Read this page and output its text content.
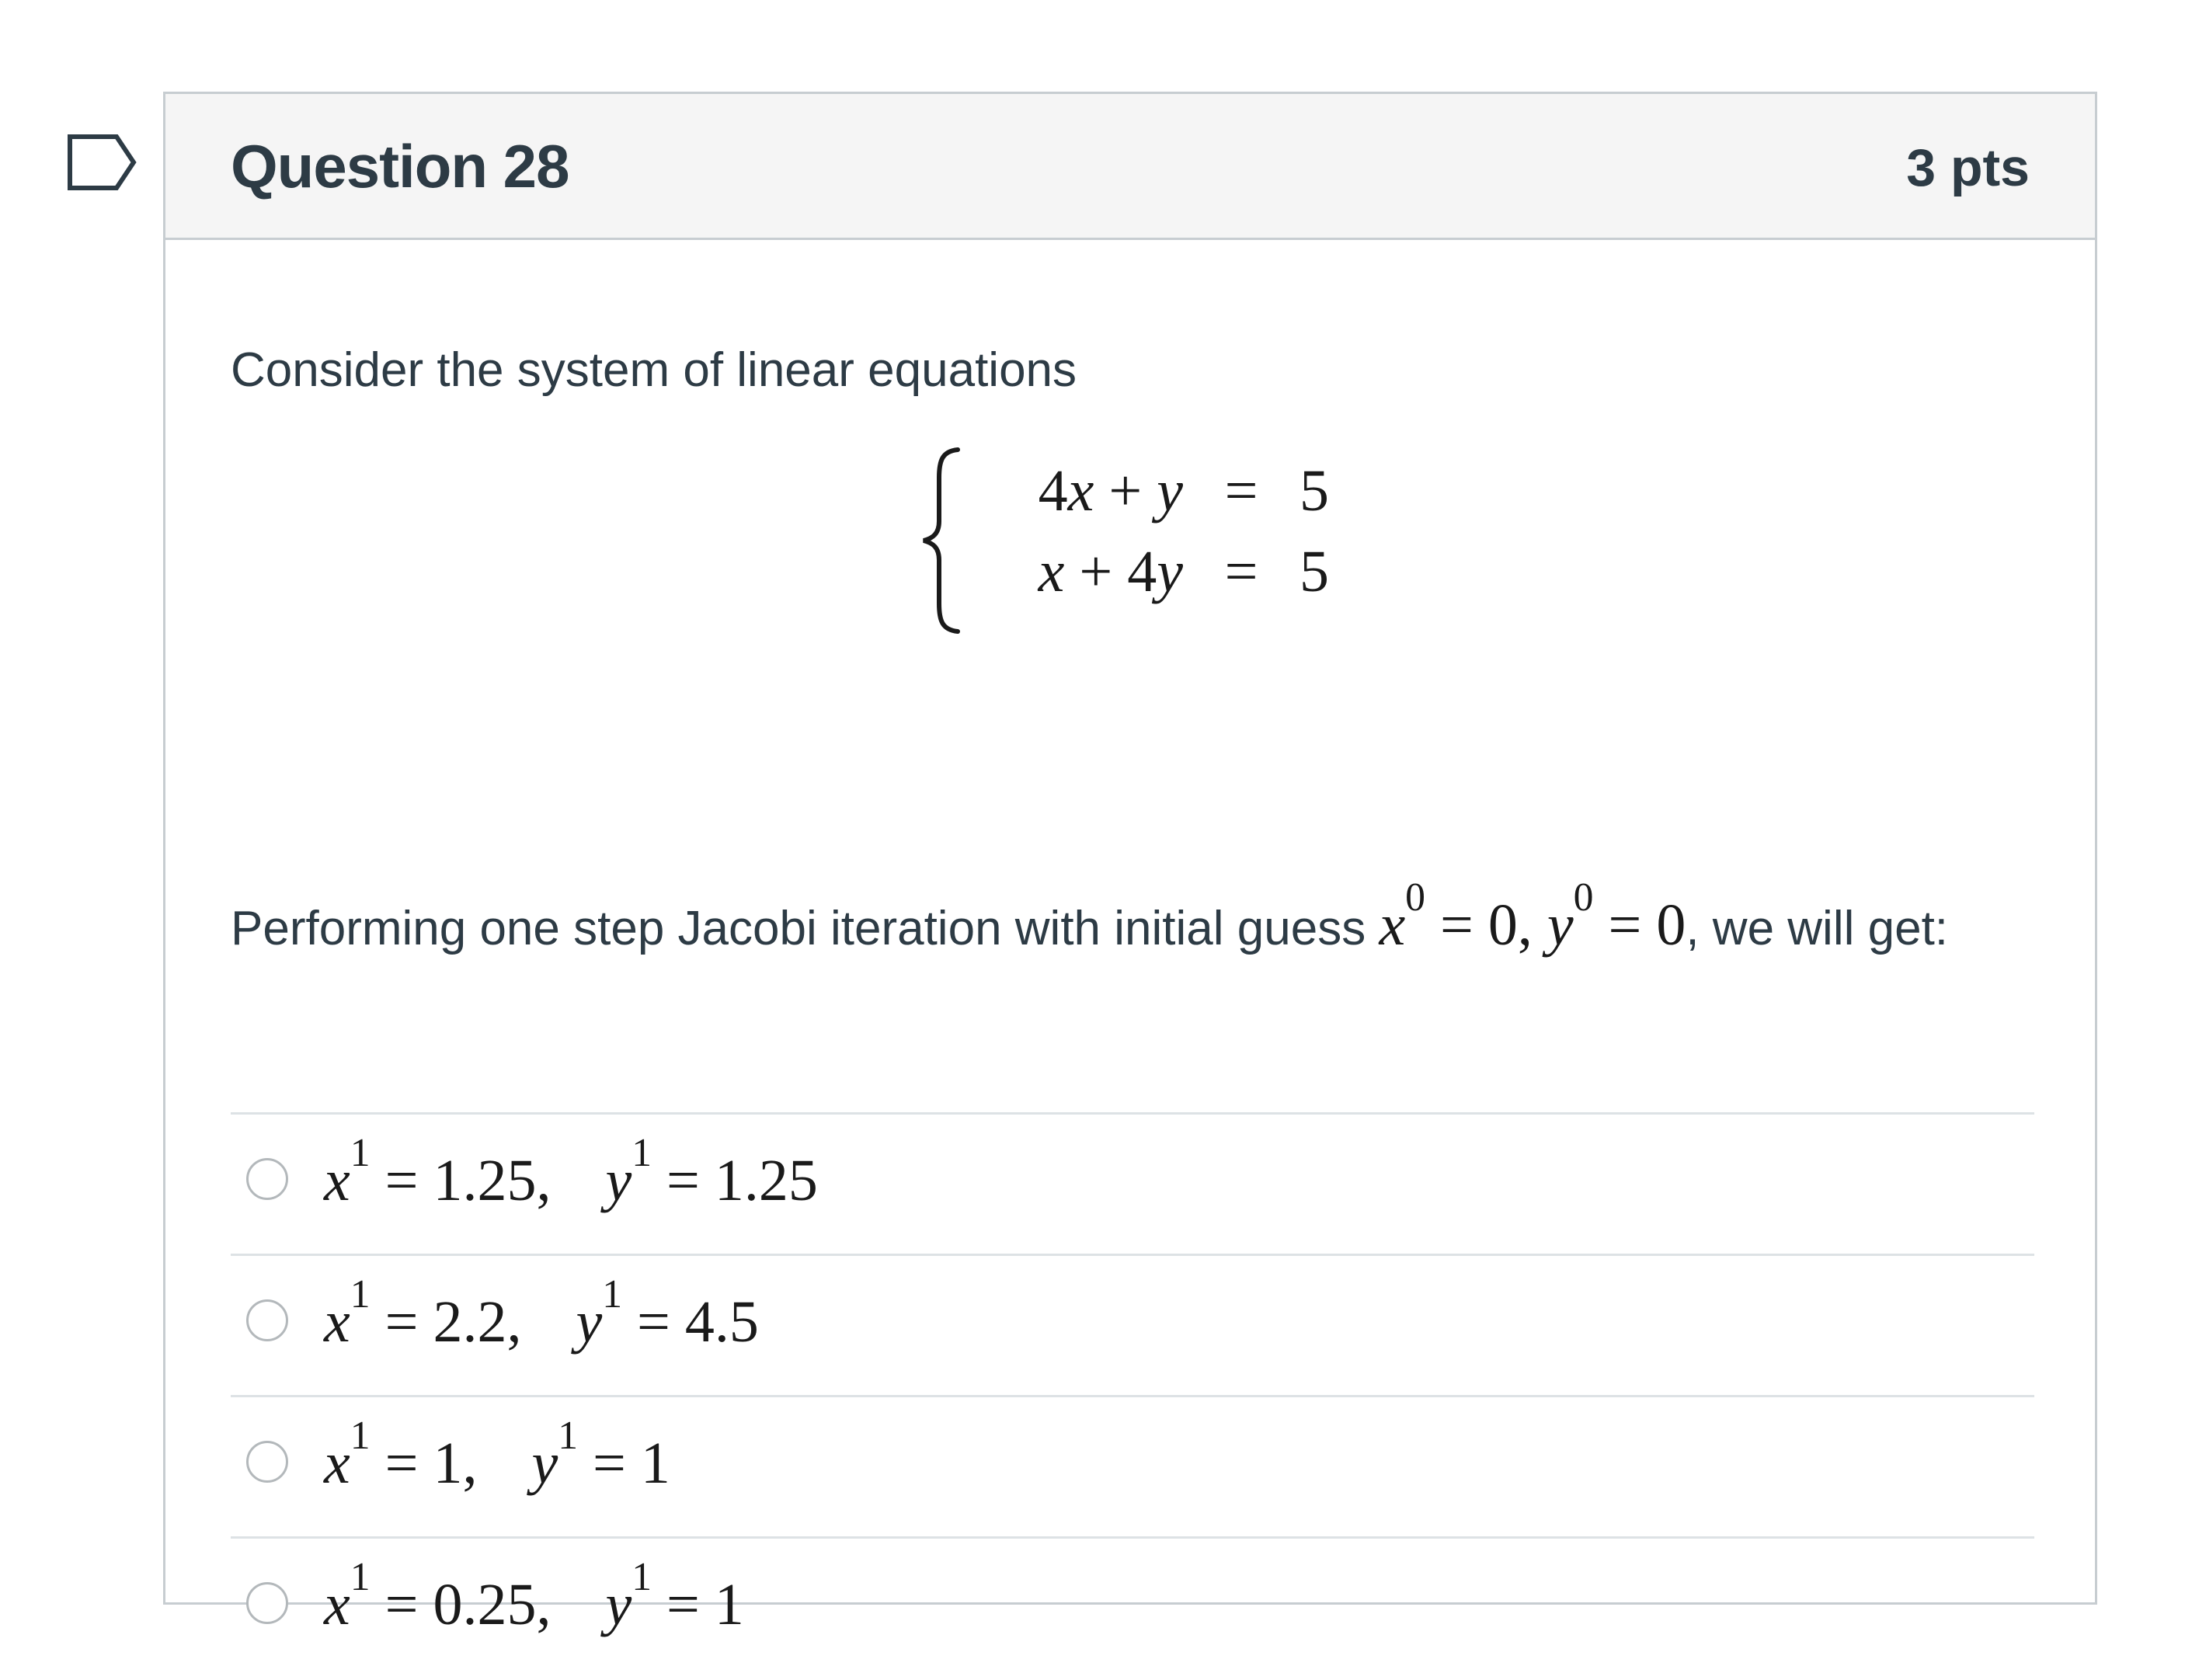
Question 28	3 pts
Consider the system of linear equations
4x + y = 5
x + 4y = 5
Performing one step Jacobi iteration with initial guess $x^0 = 0$, $y^0 = 0$, we will get:
$x^1 = 1.25$, $y^1 = 1.25$
$x^1 = 2.2$, $y^1 = 4.5$
$x^1 = 1$, $y^1 = 1$
$x^1 = 0.25$, $y^1 = 1$
